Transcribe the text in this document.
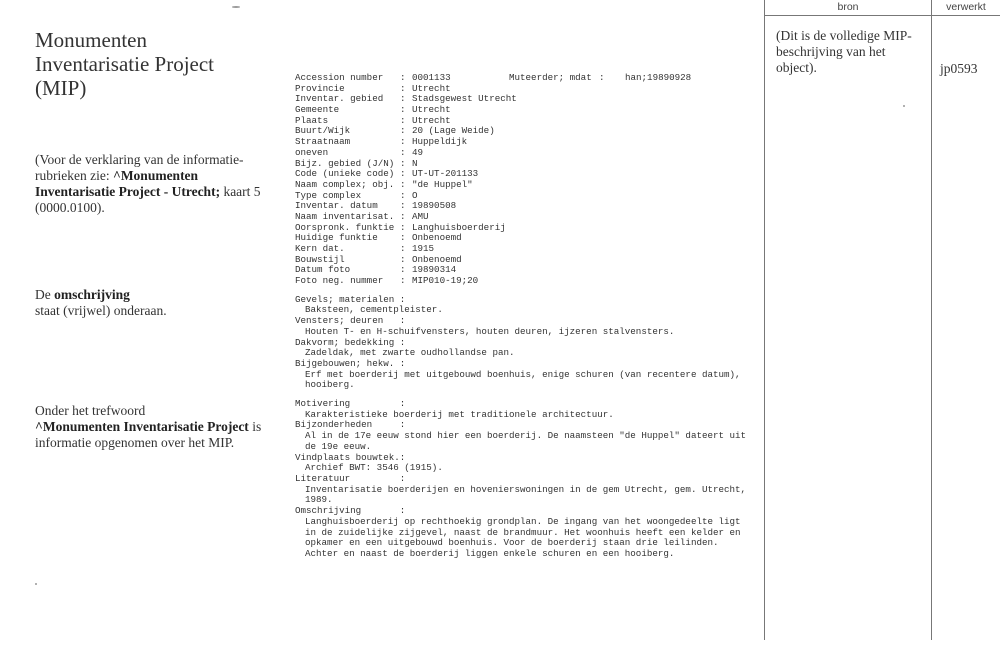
Monumenten Inventarisatie Project (MIP)
(Voor de verklaring van de informatie-rubrieken zie: ^Monumenten Inventarisatie Project - Utrecht; kaart 5 (0000.0100).
De omschrijving
staat (vrijwel) onderaan.
Onder het trefwoord
^Monumenten Inventarisatie Project is informatie opgenomen over het MIP.
Accession number : 0001133	Muteerder; mdat : han;19890928
Provincie	: Utrecht
Inventar. gebied : Stadsgewest Utrecht
Gemeente	: Utrecht
Plaats	: Utrecht
Buurt/Wijk	: 20 (Lage Weide)
Straatnaam	: Huppeldijk
oneven	: 49
Bijz. gebied (J/N) : N
Code (unieke code) : UT-UT-201133
Naam complex; obj. : "de Huppel"
Type complex	: O
Inventar. datum : 19890508
Naam inventarisat. : AMU
Oorspronk. funktie : Langhuisboerderij
Huidige funktie : Onbenoemd
Kern dat.	: 1915
Bouwstijl	: Onbenoemd
Datum foto	: 19890314
Foto neg. nummer : MIP010-19;20
Gevels; materialen :
Baksteen, cementpleister.
Vensters; deuren   :
Houten T- en H-schuifvensters, houten deuren, ijzeren stalvensters.
Dakvorm; bedekking :
Zadeldak, met zwarte oudhollandse pan.
Bijgebouwen; hekw. :
Erf met boerderij met uitgebouwd boenhuis, enige schuren (van recentere datum), hooiberg.
Motivering         :
Karakteristieke boerderij met traditionele architectuur.
Bijzonderheden     :
Al in de 17e eeuw stond hier een boerderij. De naamsteen "de Huppel" dateert uit de 19e eeuw.
Vindplaats bouwtek.:
Archief BWT: 3546 (1915).
Literatuur         :
Inventarisatie boerderijen en hovenierswoningen in de gem Utrecht, gem. Utrecht, 1989.
Omschrijving       :
Langhuisboerderij op rechthoekig grondplan. De ingang van het woongedeelte ligt in de zuidelijke zijgevel, naast de brandmuur. Het woonhuis heeft een kelder en opkamer en een uitgebouwd boenhuis. Voor de boerderij staan drie leilinden. Achter en naast de boerderij liggen enkele schuren en een hooiberg.
bron	verwerkt
(Dit is de volledige MIP-beschrijving van het object).	jp0593
